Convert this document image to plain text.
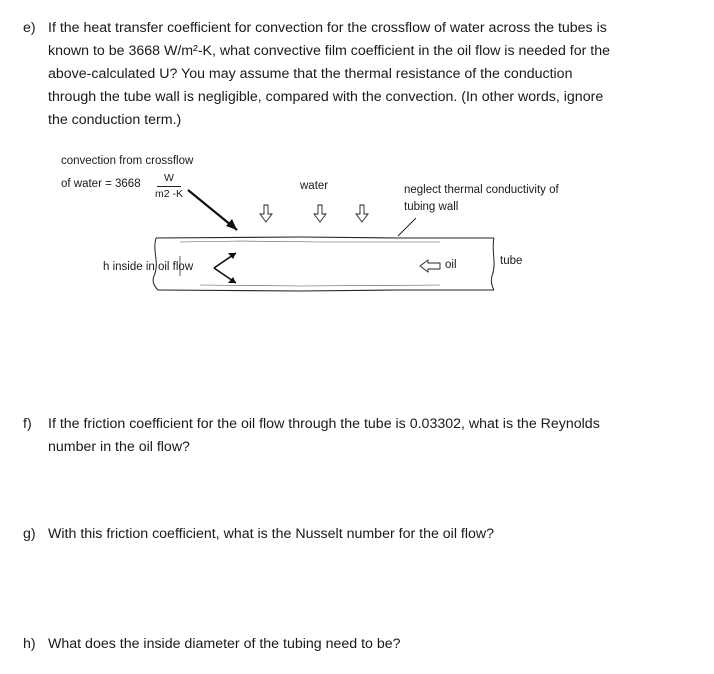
e) If the heat transfer coefficient for convection for the crossflow of water across the tubes is
known to be 3668 W/m²-K, what convective film coefficient in the oil flow is needed for the
above-calculated U? You may assume that the thermal resistance of the conduction
through the tube wall is negligible, compared with the convection. (In other words, ignore
the conduction term.)
convection from crossflow
of water = 3668 W
m2 -K
water	neglect thermal conductivity of
tubing wall
h inside in oil flow	oil	tube
f) If the friction coefficient for the oil flow through the tube is 0.03302, what is the Reynolds
number in the oil flow?
g) With this friction coefficient, what is the Nusselt number for the oil flow?
h) What does the inside diameter of the tubing need to be?
